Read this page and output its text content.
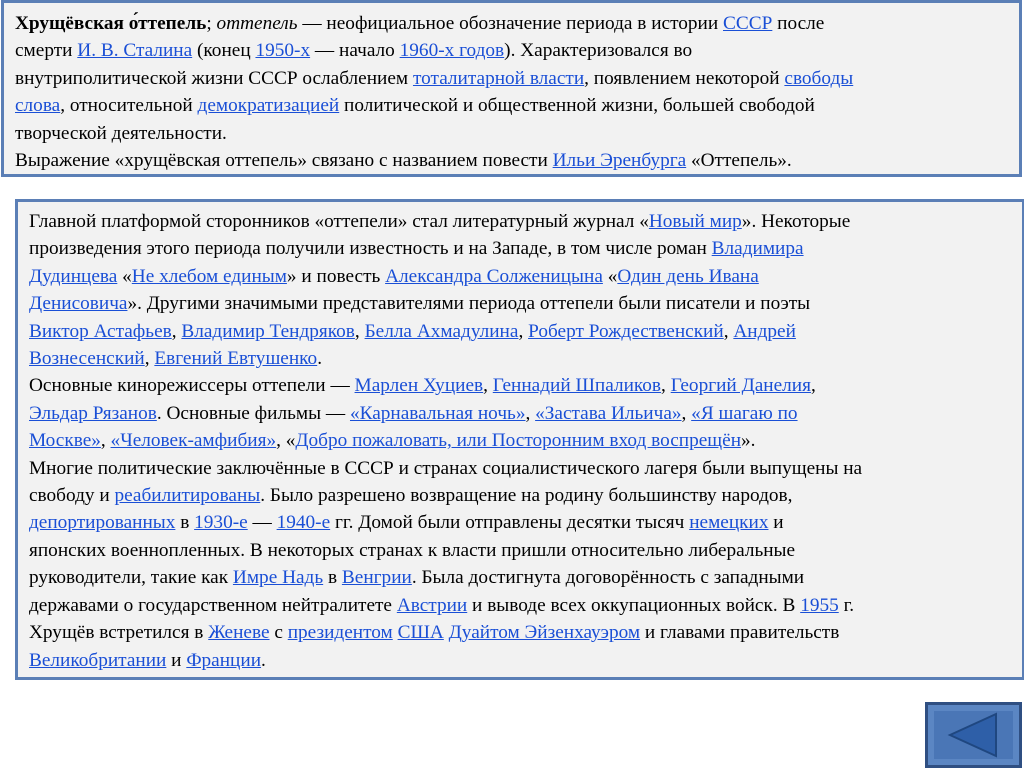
Хрущёвская о́ттепель; оттепель — неофициальное обозначение периода в истории СССР после
смерти И. В. Сталина (конец 1950-х — начало 1960-х годов). Характеризовался во
внутриполитической жизни СССР ослаблением тоталитарной власти, появлением некоторой свободы
слова, относительной демократизацией политической и общественной жизни, большей свободой
творческой деятельности.
Выражение «хрущёвская оттепель» связано с названием повести Ильи Эренбурга «Оттепель».
Главной платформой сторонников «оттепели» стал литературный журнал «Новый мир». Некоторые
произведения этого периода получили известность и на Западе, в том числе роман Владимира
Дудинцева «Не хлебом единым» и повесть Александра Солженицына «Один день Ивана
Денисовича». Другими значимыми представителями периода оттепели были писатели и поэты
Виктор Астафьев, Владимир Тендряков, Белла Ахмадулина, Роберт Рождественский, Андрей
Вознесенский, Евгений Евтушенко.
Основные кинорежиссеры оттепели — Марлен Хуциев, Геннадий Шпаликов, Георгий Данелия,
Эльдар Рязанов. Основные фильмы — «Карнавальная ночь», «Застава Ильича», «Я шагаю по
Москве», «Человек-амфибия», «Добро пожаловать, или Посторонним вход воспрещён».
Многие политические заключённые в СССР и странах социалистического лагеря были выпущены на
свободу и реабилитированы. Было разрешено возвращение на родину большинству народов,
депортированных в 1930-е — 1940-е гг. Домой были отправлены десятки тысяч немецких и
японских военнопленных. В некоторых странах к власти пришли относительно либеральные
руководители, такие как Имре Надь в Венгрии. Была достигнута договорённость с западными
державами о государственном нейтралитете Австрии и выводе всех оккупационных войск. В 1955 г.
Хрущёв встретился в Женеве с президентом США Дуайтом Эйзенхауэром и главами правительств
Великобритании и Франции.
